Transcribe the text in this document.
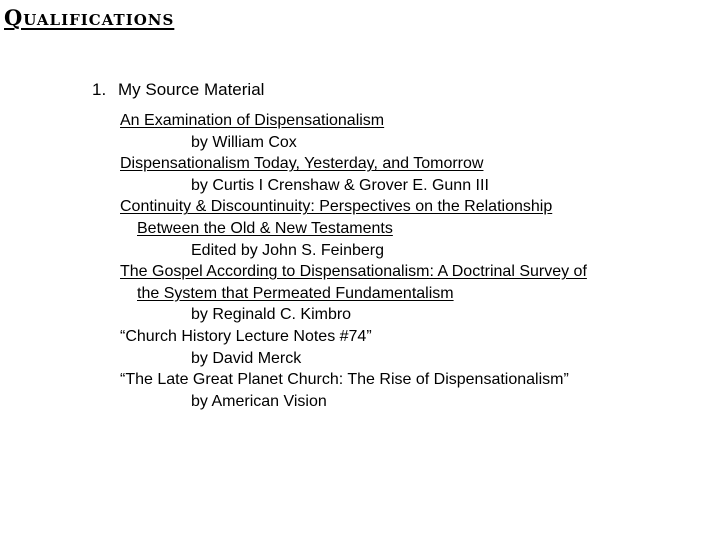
Qualifications
1. My Source Material
An Examination of Dispensationalism
by William Cox
Dispensationalism Today, Yesterday, and Tomorrow
by Curtis I Crenshaw & Grover E. Gunn III
Continuity & Discountinuity: Perspectives on the Relationship
Between the Old & New Testaments
Edited by John S. Feinberg
The Gospel According to Dispensationalism: A Doctrinal Survey of
the System that Permeated Fundamentalism
by Reginald C. Kimbro
“Church History Lecture Notes #74”
by David Merck
“The Late Great Planet Church: The Rise of Dispensationalism”
by American Vision
